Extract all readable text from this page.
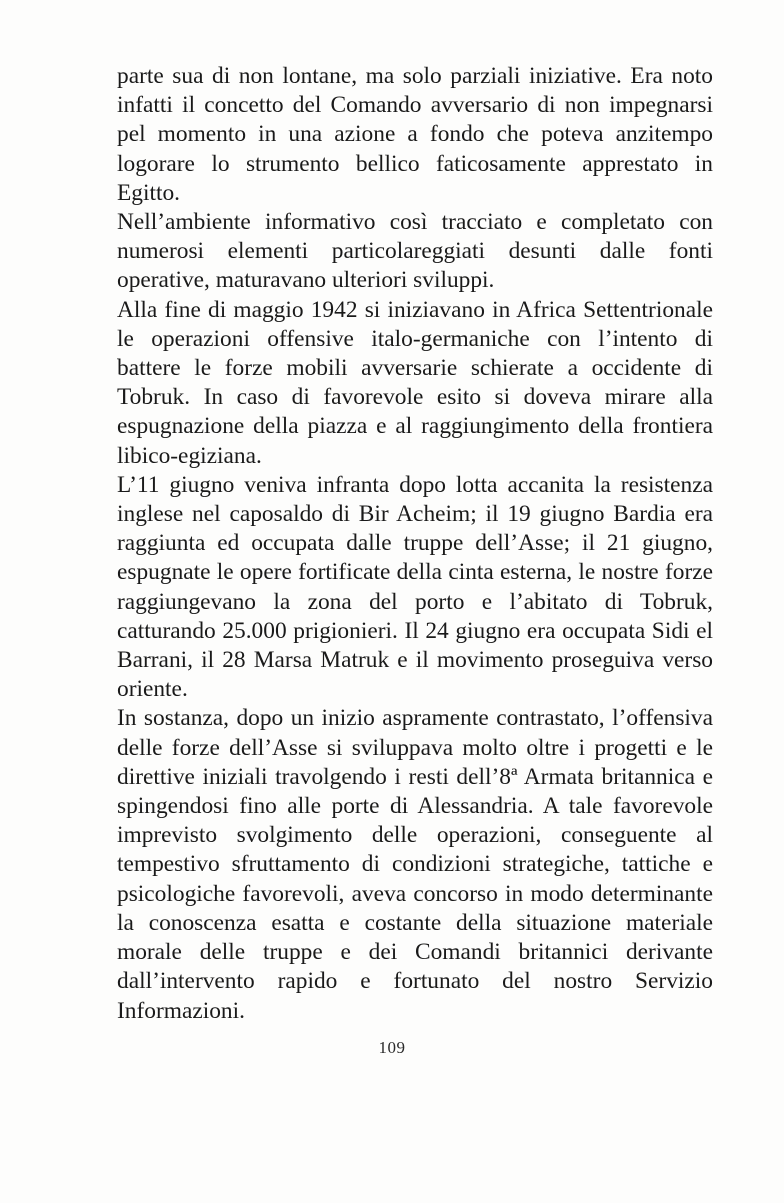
parte sua di non lontane, ma solo parziali iniziative. Era noto infatti il concetto del Comando avversario di non impegnarsi pel momento in una azione a fondo che poteva anzitempo logorare lo strumento bellico faticosamente apprestato in Egitto.

Nell’ambiente informativo così tracciato e completato con numerosi elementi particolareggiati desunti dalle fonti operative, maturavano ulteriori sviluppi.

Alla fine di maggio 1942 si iniziavano in Africa Settentrionale le operazioni offensive italo-germaniche con l’intento di battere le forze mobili avversarie schierate a occidente di Tobruk. In caso di favorevole esito si doveva mirare alla espugnazione della piazza e al raggiungimento della frontiera libico-egiziana.

L’11 giugno veniva infranta dopo lotta accanita la resistenza inglese nel caposaldo di Bir Acheim; il 19 giugno Bardia era raggiunta ed occupata dalle truppe dell’Asse; il 21 giugno, espugnate le opere fortificate della cinta esterna, le nostre forze raggiungevano la zona del porto e l’abitato di Tobruk, catturando 25.000 prigionieri. Il 24 giugno era occupata Sidi el Barrani, il 28 Marsa Matruk e il movimento proseguiva verso oriente.

In sostanza, dopo un inizio aspramente contrastato, l’offensiva delle forze dell’Asse si sviluppava molto oltre i progetti e le direttive iniziali travolgendo i resti dell’8ª Armata britannica e spingendosi fino alle porte di Alessandria. A tale favorevole imprevisto svolgimento delle operazioni, conseguente al tempestivo sfruttamento di condizioni strategiche, tattiche e psicologiche favorevoli, aveva concorso in modo determinante la conoscenza esatta e costante della situazione materiale morale delle truppe e dei Comandi britannici derivante dall’intervento rapido e fortunato del nostro Servizio Informazioni.

109
